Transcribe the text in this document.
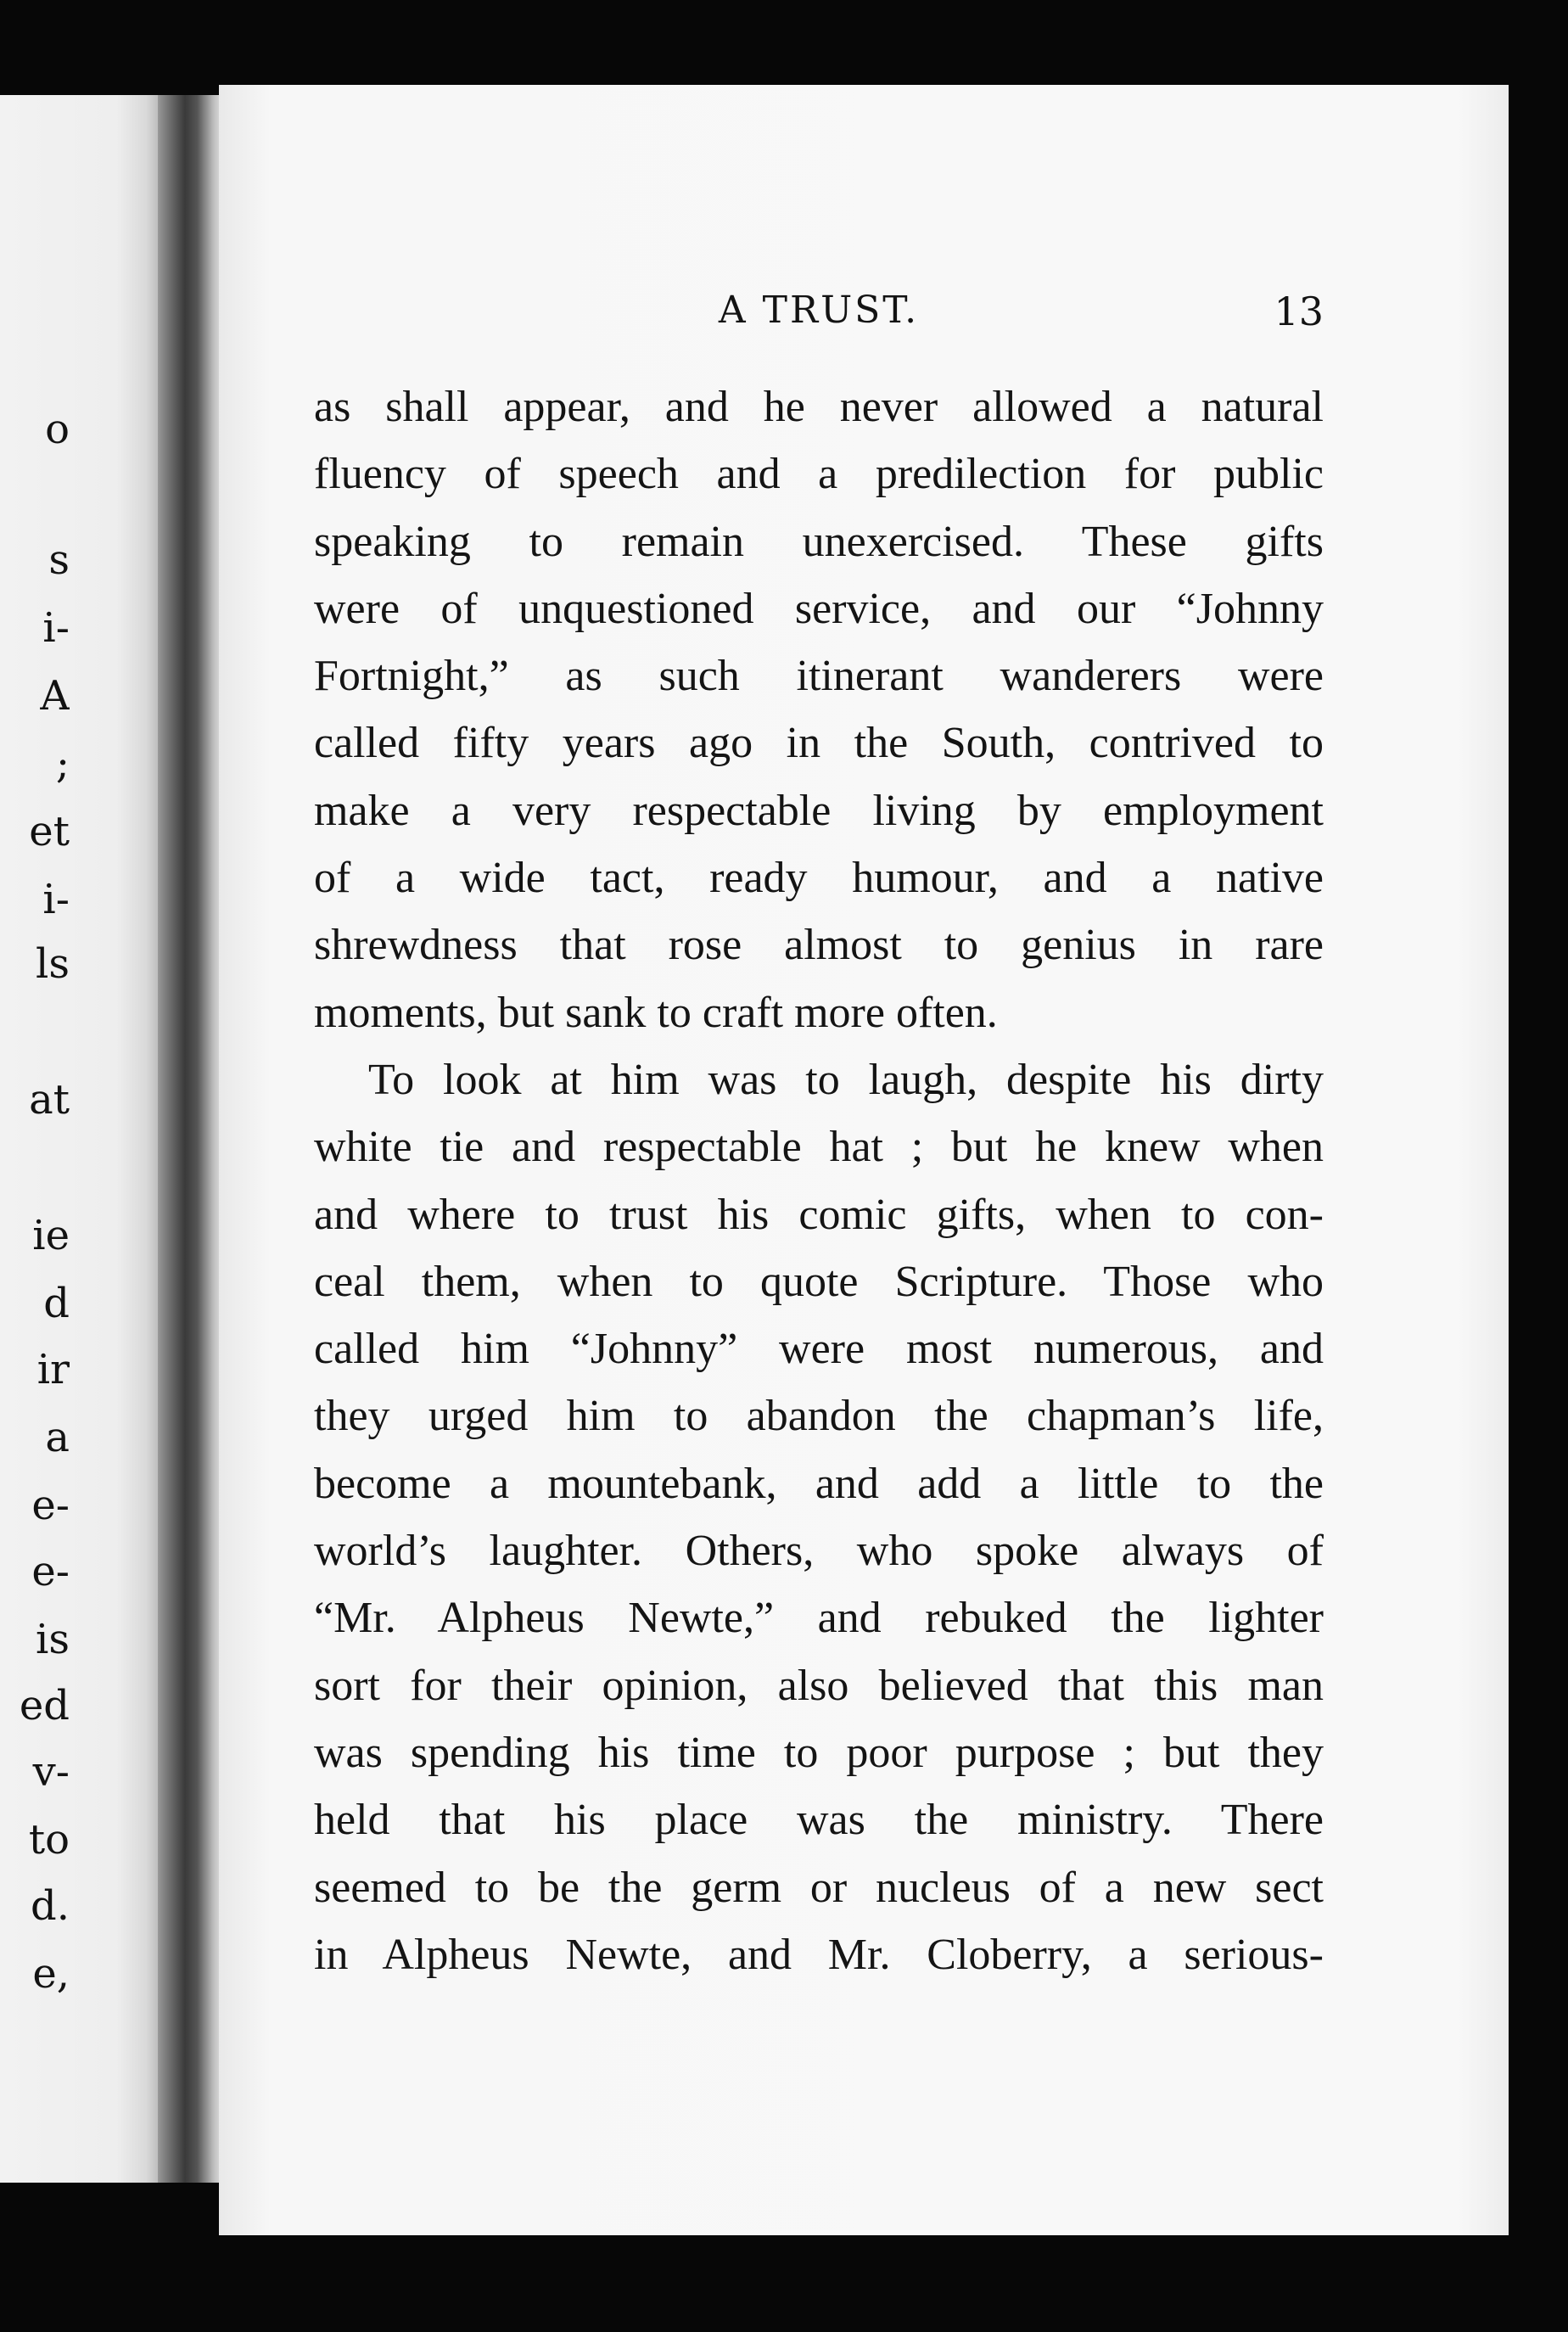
o
s
i-
A
;
et
i-
ls
at
ie
d
ir
a
e-
e-
is
ed
v-
to
d.
e,
A TRUST.	13
as shall appear, and he never allowed a natural
fluency of speech and a predilection for public
speaking to remain unexercised. These gifts
were of unquestioned service, and our “Johnny
Fortnight,” as such itinerant wanderers were
called fifty years ago in the South, contrived to
make a very respectable living by employment
of a wide tact, ready humour, and a native
shrewdness that rose almost to genius in rare
moments, but sank to craft more often.
To look at him was to laugh, despite his dirty
white tie and respectable hat ; but he knew when
and where to trust his comic gifts, when to con-
ceal them, when to quote Scripture. Those who
called him “Johnny” were most numerous, and
they urged him to abandon the chapman’s life,
become a mountebank, and add a little to the
world’s laughter. Others, who spoke always of
“Mr. Alpheus Newte,” and rebuked the lighter
sort for their opinion, also believed that this man
was spending his time to poor purpose ; but they
held that his place was the ministry. There
seemed to be the germ or nucleus of a new sect
in Alpheus Newte, and Mr. Cloberry, a serious-
